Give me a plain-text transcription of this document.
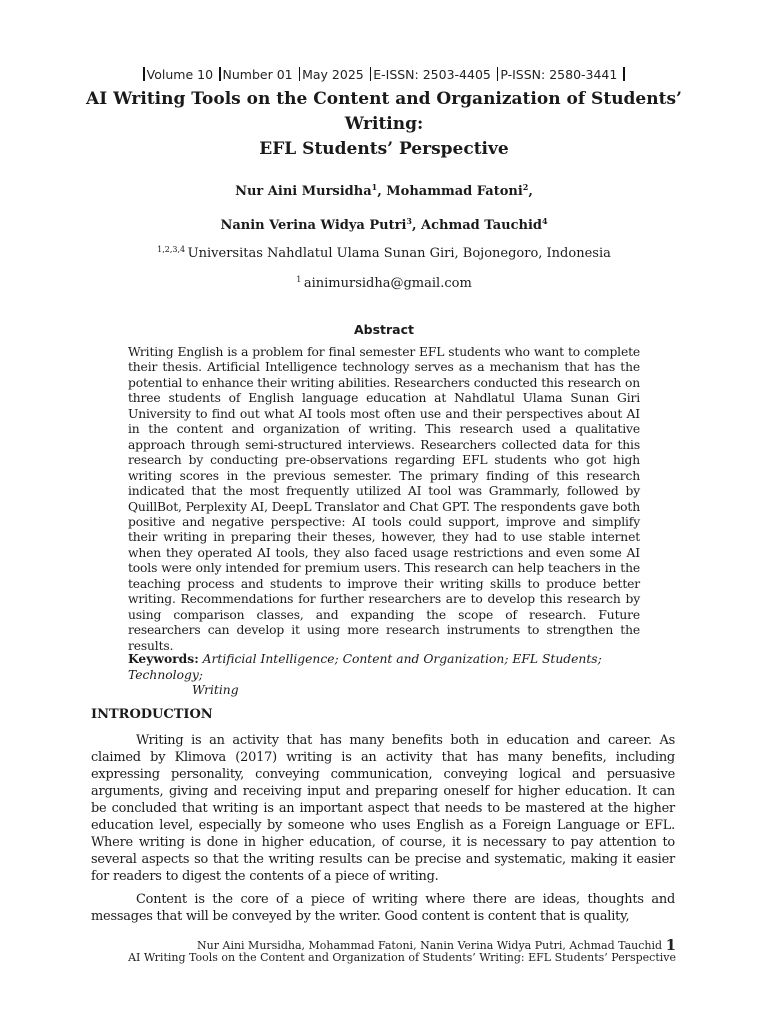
Volume 10 Number 01 May 2025 E-ISSN: 2503-4405 P-ISSN: 2580-3441
AI Writing Tools on the Content and Organization of Students’ Writing:
EFL Students’ Perspective
Nur Aini Mursidha$^1$, Mohammad Fatoni$^2$,
Nanin Verina Widya Putri$^3$, Achmad Tauchid$^4$
$^{1,2,3,4}$ Universitas Nahdlatul Ulama Sunan Giri, Bojonegoro, Indonesia
$^1$ ainimursidha@gmail.com
Abstract

Writing English is a problem for final semester EFL students who want to complete their thesis. Artificial Intelligence technology serves as a mechanism that has the potential to enhance their writing abilities. Researchers conducted this research on three students of English language education at Nahdlatul Ulama Sunan Giri University to find out what AI tools most often use and their perspectives about AI in the content and organization of writing. This research used a qualitative approach through semi-structured interviews. Researchers collected data for this research by conducting pre-observations regarding EFL students who got high writing scores in the previous semester. The primary finding of this research indicated that the most frequently utilized AI tool was Grammarly, followed by QuillBot, Perplexity AI, DeepL Translator and Chat GPT. The respondents gave both positive and negative perspective: AI tools could support, improve and simplify their writing in preparing their theses, however, they had to use stable internet when they operated AI tools, they also faced usage restrictions and even some AI tools were only intended for premium users. This research can help teachers in the teaching process and students to improve their writing skills to produce better writing. Recommendations for further researchers are to develop this research by using comparison classes, and expanding the scope of research. Future researchers can develop it using more research instruments to strengthen the results.

Keywords: Artificial Intelligence; Content and Organization; EFL Students; Technology;
Writing
INTRODUCTION

Writing is an activity that has many benefits both in education and career. As claimed by Klimova (2017) writing is an activity that has many benefits, including expressing personality, conveying communication, conveying logical and persuasive arguments, giving and receiving input and preparing oneself for higher education. It can be concluded that writing is an important aspect that needs to be mastered at the higher education level, especially by someone who uses English as a Foreign Language or EFL. Where writing is done in higher education, of course, it is necessary to pay attention to several aspects so that the writing results can be precise and systematic, making it easier for readers to digest the contents of a piece of writing.

Content is the core of a piece of writing where there are ideas, thoughts and messages that will be conveyed by the writer. Good content is content that is quality,

Nur Aini Mursidha, Mohammad Fatoni, Nanin Verina Widya Putri, Achmad Tauchid 1
AI Writing Tools on the Content and Organization of Students’ Writing: EFL Students’ Perspective
